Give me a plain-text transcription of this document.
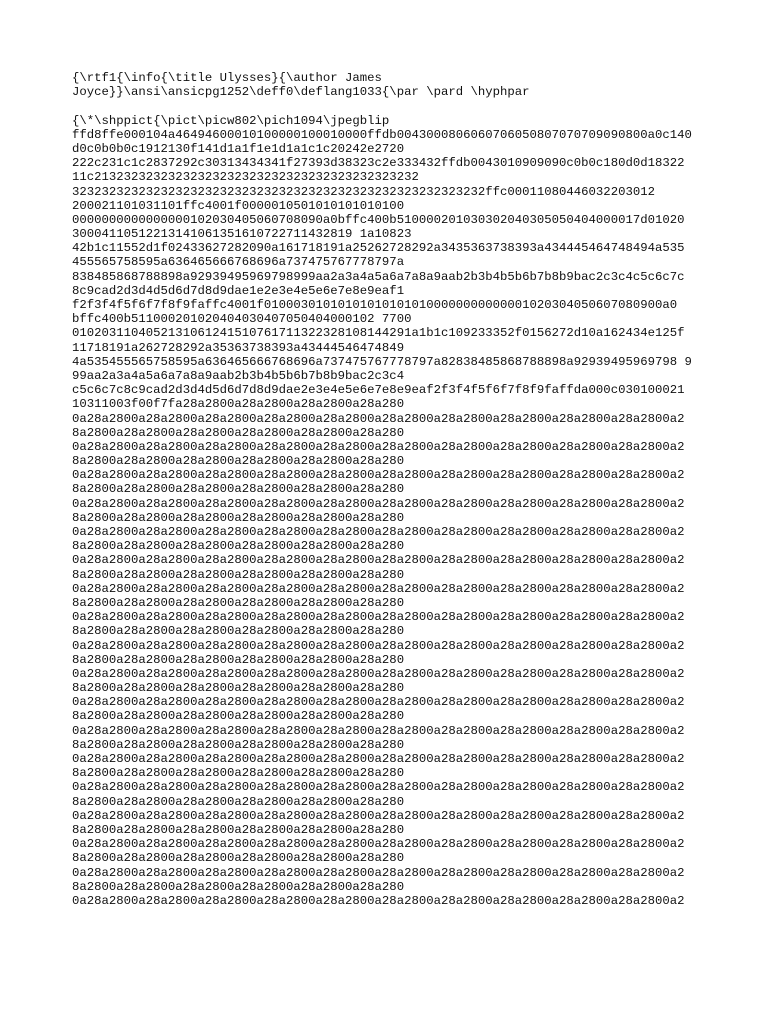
{\rtf1{\info{\title Ulysses}{\author James
Joyce}}\ansi\ansicpg1252\deff0\deflang1033{\par \pard \hyphpar
{\*\shppict{\pict\picw802\pich1094\jpegblip
ffd8ffe000104a46494600010100000100010000ffdb0043000806060706050807070709090800a0c140
d0c0b0b0c1912130f141d1a1f1e1d1a1c1c20242e2720
222c231c1c2837292c30313434341f27393d38323c2e333432ffdb0043010909090c0b0c180d0d18322
11c21323232323232323232323232323232323232323232
32323232323232323232323232323232323232323232323232323232ffc00011080446032203012
200021101031101ffc4001f0000010501010101010100
0000000000000000102030405060708090a0bffc400b510000201030302040305050404000017d01020
30004110512213141061351610722711432819 1a10823
42b1c11552d1f02433627282090a161718191a25262728292a3435363738393a434445464748494a535
455565758595a636465666768696a737475767778797a
838485868788898a92939495969798999aa2a3a4a5a6a7a8a9aab2b3b4b5b6b7b8b9bac2c3c4c5c6c7c
8c9cad2d3d4d5d6d7d8d9dae1e2e3e4e5e6e7e8e9eaf1
f2f3f4f5f6f7f8f9faffc4001f010003010101010101010100000000000001020304050607080900a0
bffc400b511000201020404030407050404000102 7700
0102031104052131061241510761711322328108144291a1b1c109233352f0156272d10a162434e125f
11718191a262728292a35363738393a43444546474849
4a535455565758595a636465666768696a737475767778797a82838485868788898a92939495969798 9
99aa2a3a4a5a6a7a8a9aab2b3b4b5b6b7b8b9bac2c3c4
c5c6c7c8c9cad2d3d4d5d6d7d8d9dae2e3e4e5e6e7e8e9eaf2f3f4f5f6f7f8f9faffda000c030100021
10311003f00f7fa28a2800a28a2800a28a2800a28a280
0a28a2800a28a2800a28a2800a28a2800a28a2800a28a2800a28a2800a28a2800a28a2800a28a2800a2
8a2800a28a2800a28a2800a28a2800a28a2800a28a280
0a28a2800a28a2800a28a2800a28a2800a28a2800a28a2800a28a2800a28a2800a28a2800a28a2800a2
8a2800a28a2800a28a2800a28a2800a28a2800a28a280
0a28a2800a28a2800a28a2800a28a2800a28a2800a28a2800a28a2800a28a2800a28a2800a28a2800a2
8a2800a28a2800a28a2800a28a2800a28a2800a28a280
0a28a2800a28a2800a28a2800a28a2800a28a2800a28a2800a28a2800a28a2800a28a2800a28a2800a2
8a2800a28a2800a28a2800a28a2800a28a2800a28a280
0a28a2800a28a2800a28a2800a28a2800a28a2800a28a2800a28a2800a28a2800a28a2800a28a2800a2
8a2800a28a2800a28a2800a28a2800a28a2800a28a280
0a28a2800a28a2800a28a2800a28a2800a28a2800a28a2800a28a2800a28a2800a28a2800a28a2800a2
8a2800a28a2800a28a2800a28a2800a28a2800a28a280
0a28a2800a28a2800a28a2800a28a2800a28a2800a28a2800a28a2800a28a2800a28a2800a28a2800a2
8a2800a28a2800a28a2800a28a2800a28a2800a28a280
0a28a2800a28a2800a28a2800a28a2800a28a2800a28a2800a28a2800a28a2800a28a2800a28a2800a2
8a2800a28a2800a28a2800a28a2800a28a2800a28a280
0a28a2800a28a2800a28a2800a28a2800a28a2800a28a2800a28a2800a28a2800a28a2800a28a2800a2
8a2800a28a2800a28a2800a28a2800a28a2800a28a280
0a28a2800a28a2800a28a2800a28a2800a28a2800a28a2800a28a2800a28a2800a28a2800a28a2800a2
8a2800a28a2800a28a2800a28a2800a28a2800a28a280
0a28a2800a28a2800a28a2800a28a2800a28a2800a28a2800a28a2800a28a2800a28a2800a28a2800a2
8a2800a28a2800a28a2800a28a2800a28a2800a28a280
0a28a2800a28a2800a28a2800a28a2800a28a2800a28a2800a28a2800a28a2800a28a2800a28a2800a2
8a2800a28a2800a28a2800a28a2800a28a2800a28a280
0a28a2800a28a2800a28a2800a28a2800a28a2800a28a2800a28a2800a28a2800a28a2800a28a2800a2
8a2800a28a2800a28a2800a28a2800a28a2800a28a280
0a28a2800a28a2800a28a2800a28a2800a28a2800a28a2800a28a2800a28a2800a28a2800a28a2800a2
8a2800a28a2800a28a2800a28a2800a28a2800a28a280
0a28a2800a28a2800a28a2800a28a2800a28a2800a28a2800a28a2800a28a2800a28a2800a28a2800a2
8a2800a28a2800a28a2800a28a2800a28a2800a28a280
0a28a2800a28a2800a28a2800a28a2800a28a2800a28a2800a28a2800a28a2800a28a2800a28a2800a2
8a2800a28a2800a28a2800a28a2800a28a2800a28a280
0a28a2800a28a2800a28a2800a28a2800a28a2800a28a2800a28a2800a28a2800a28a2800a28a2800a2
8a2800a28a2800a28a2800a28a2800a28a2800a28a280
0a28a2800a28a2800a28a2800a28a2800a28a2800a28a2800a28a2800a28a2800a28a2800a28a2800a2
